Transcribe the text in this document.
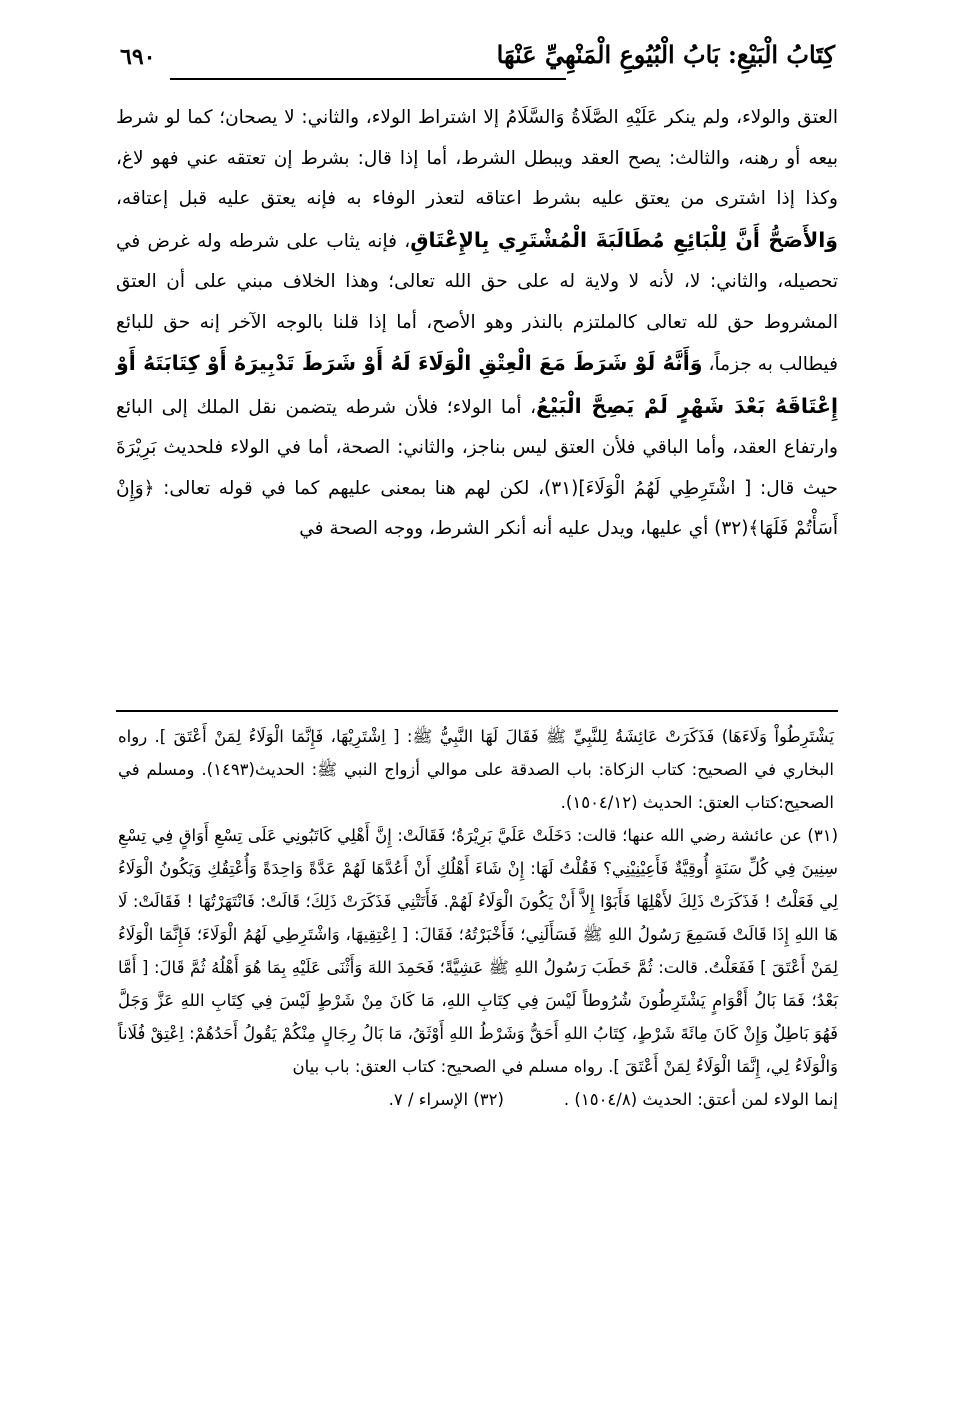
كِتَابُ الْبَيْعِ: بَابُ الْبُيُوعِ الْمَنْهِيِّ عَنْهَا
٦٩٠

العتق والولاء، ولم ينكر عَلَيْهِ الصَّلَاةُ وَالسَّلَامُ إلا اشتراط الولاء، والثاني: لا يصحان؛ كما لو شرط بيعه أو رهنه، والثالث: يصح العقد ويبطل الشرط، أما إذا قال: بشرط إن تعتقه عني فهو لاغ، وكذا إذا اشترى من يعتق عليه بشرط اعتاقه لتعذر الوفاء به فإنه يعتق عليه قبل إعتاقه، وَالأَصَحُّ أَنَّ لِلْبَائِعِ مُطَالَبَةَ الْمُشْتَرِي بِالإِعْتَاقِ، فإنه يثاب على شرطه وله غرض في تحصيله، والثاني: لا، لأنه لا ولاية له على حق الله تعالى؛ وهذا الخلاف مبني على أن العتق المشروط حق لله تعالى كالملتزم بالنذر وهو الأصح، أما إذا قلنا بالوجه الآخر إنه حق للبائع فيطالب به جزماً، وَأَنَّهُ لَوْ شَرَطَ مَعَ الْعِتْقِ الْوَلَاءَ لَهُ أَوْ شَرَطَ تَدْبِيرَهُ أَوْ كِتَابَتَهُ أَوْ إِعْتَاقَهُ بَعْدَ شَهْرٍ لَمْ يَصِحَّ الْبَيْعُ، أما الولاء؛ فلأن شرطه يتضمن نقل الملك إلى البائع وارتفاع العقد، وأما الباقي فلأن العتق ليس بناجز، والثاني: الصحة، أما في الولاء فلحديث بَرِيْرَةَ حيث قال: [ اشْتَرِطِي لَهُمُ الْوَلَاءَ](٣١)، لكن لهم هنا بمعنى عليهم كما في قوله تعالى: ﴿وَإِنْ أَسَأْتُمْ فَلَهَا﴾(٣٢) أي عليها، ويدل عليه أنه أنكر الشرط، ووجه الصحة في

يَشْتَرِطُواْ وَلَاءَهَا) فَذَكَرَتْ عَائِشَةُ لِلنَّبِيِّ ﷺ فَقَالَ لَهَا النَّبِيُّ ﷺ: [ اِشْتَرِيْهَا، فَإِنَّمَا الْوَلَاءُ لِمَنْ أَعْتَقَ ]. رواه البخاري في الصحيح: كتاب الزكاة: باب الصدقة على موالي أزواج النبي ﷺ: الحديث(١٤٩٣). ومسلم في الصحيح:كتاب العتق: الحديث (١٥٠٤/١٢).

(٣١) عن عائشة رضي الله عنها؛ قالت: دَخَلَتْ عَلَيَّ بَرِيْرَةُ؛ فَقَالَتْ: إِنَّ أَهْلِي كَاتَبُونِي عَلَى تِسْعِ أَوَاقٍ فِي تِسْعِ سِنِينَ فِي كُلِّ سَنَةٍ أُوقِيَّةٌ فَأَعِيْنِيْنِي؟ فَقُلْتُ لَهَا: إِنْ شَاءَ أَهْلُكِ أَنْ أَعُدَّهَا لَهُمْ عَدَّةً وَاحِدَةً وَأُعْتِقُكِ وَيَكُونُ الْوَلَاءُ لِي فَعَلْتُ ! فَذَكَرَتْ ذَلِكَ لأَهْلِهَا فَأَبَوْا إِلاَّ أَنْ يَكُونَ الْوَلَاءُ لَهُمْ. فَأَتَتْنِي فَذَكَرَتْ ذَلِكَ؛ قَالَتْ: فَانْتَهَرْتُهَا ! فَقَالَتْ: لَا هَا اللهِ إِذَا قَالَتْ فَسَمِعَ رَسُولُ اللهِ ﷺ فَسَأَلَنِي؛ فَأَخْبَرْتُهُ؛ فَقَالَ: [ اِعْتِقِيهَا، وَاشْتَرِطِي لَهُمُ الْوَلَاءَ؛ فَإِنَّمَا الْوَلَاءُ لِمَنْ أَعْتَقَ ] فَفَعَلْتُ. قالت: ثُمَّ خَطَبَ رَسُولُ اللهِ ﷺ عَشِيَّةً؛ فَحَمِدَ اللهَ وَأَثْنَى عَلَيْهِ بِمَا هُوَ أَهْلُهُ ثُمَّ قَالَ: [ أَمَّا بَعْدُ؛ فَمَا بَالُ أَقْوَامٍ يَشْتَرِطُونَ شُرُوطاً لَيْسَ فِي كِتَابِ اللهِ، مَا كَانَ مِنْ شَرْطٍ لَيْسَ فِي كِتَابِ اللهِ عَزَّ وَجَلَّ فَهُوَ بَاطِلٌ وَإِنْ كَانَ مِائَةَ شَرْطٍ، كِتَابُ اللهِ أَحَقُّ وَشَرْطُ اللهِ أَوْثَقُ، مَا بَالُ رِجَالٍ مِنْكُمْ يَقُولُ أَحَدُهُمْ: اِعْتِقْ فُلَاناً وَالْوَلَاءُ لِي، إِنَّمَا الْوَلَاءُ لِمَنْ أَعْتَقَ ]. رواه مسلم في الصحيح: كتاب العتق: باب بيان

إنما الولاء لمن أعتق: الحديث (١٥٠٤/٨) .
(٣٢) الإسراء / ٧.
